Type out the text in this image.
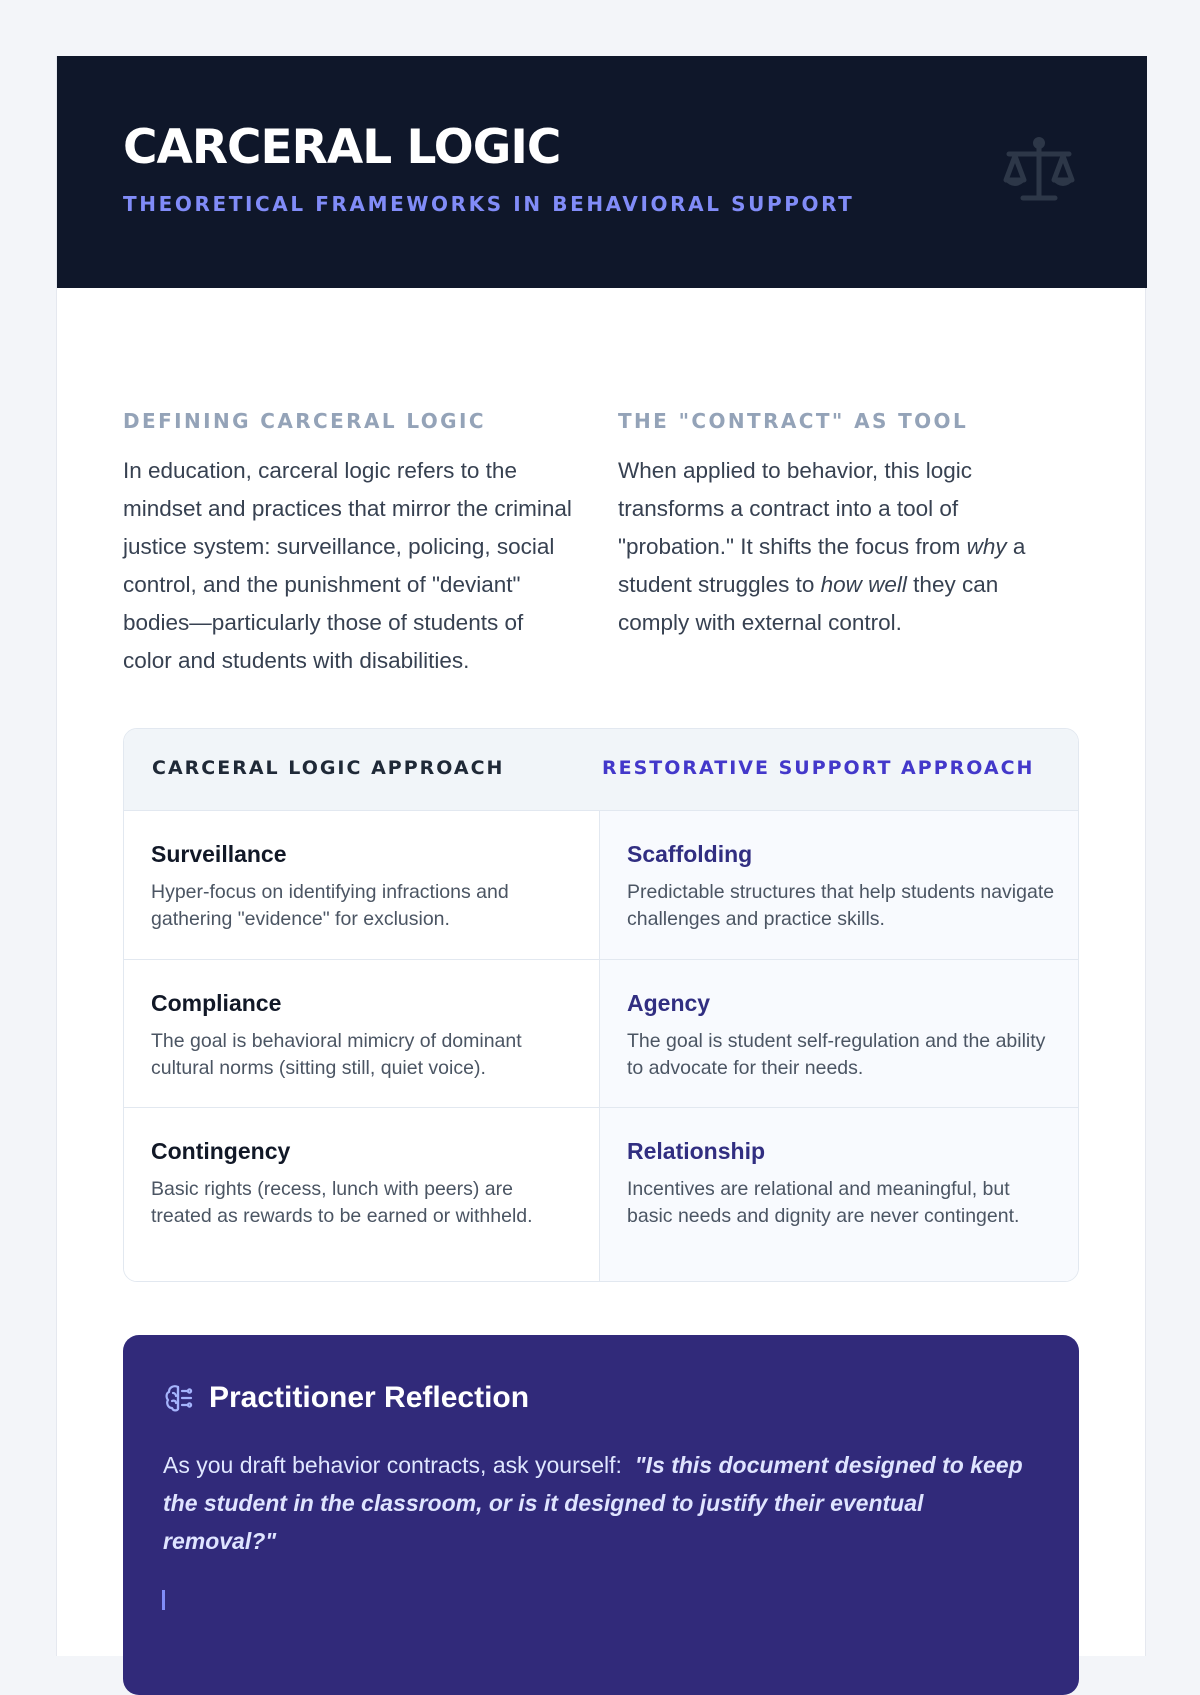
CARCERAL LOGIC

THEORETICAL FRAMEWORKS IN BEHAVIORAL SUPPORT

DEFINING CARCERAL LOGIC

In education, carceral logic refers to the mindset and practices that mirror the criminal justice system: surveillance, policing, social control, and the punishment of "deviant" bodies—particularly those of students of color and students with disabilities.

THE "CONTRACT" AS TOOL

When applied to behavior, this logic transforms a contract into a tool of "probation." It shifts the focus from why a student struggles to how well they can comply with external control.

CARCERAL LOGIC APPROACH	RESTORATIVE SUPPORT APPROACH

Surveillance

Hyper-focus on identifying infractions and gathering "evidence" for exclusion.

Scaffolding

Predictable structures that help students navigate challenges and practice skills.

Compliance

The goal is behavioral mimicry of dominant cultural norms (sitting still, quiet voice).

Agency

The goal is student self-regulation and the ability to advocate for their needs.

Contingency

Basic rights (recess, lunch with peers) are treated as rewards to be earned or withheld.

Relationship

Incentives are relational and meaningful, but basic needs and dignity are never contingent.

Practitioner Reflection

As you draft behavior contracts, ask yourself: "Is this document designed to keep the student in the classroom, or is it designed to justify their eventual removal?"
